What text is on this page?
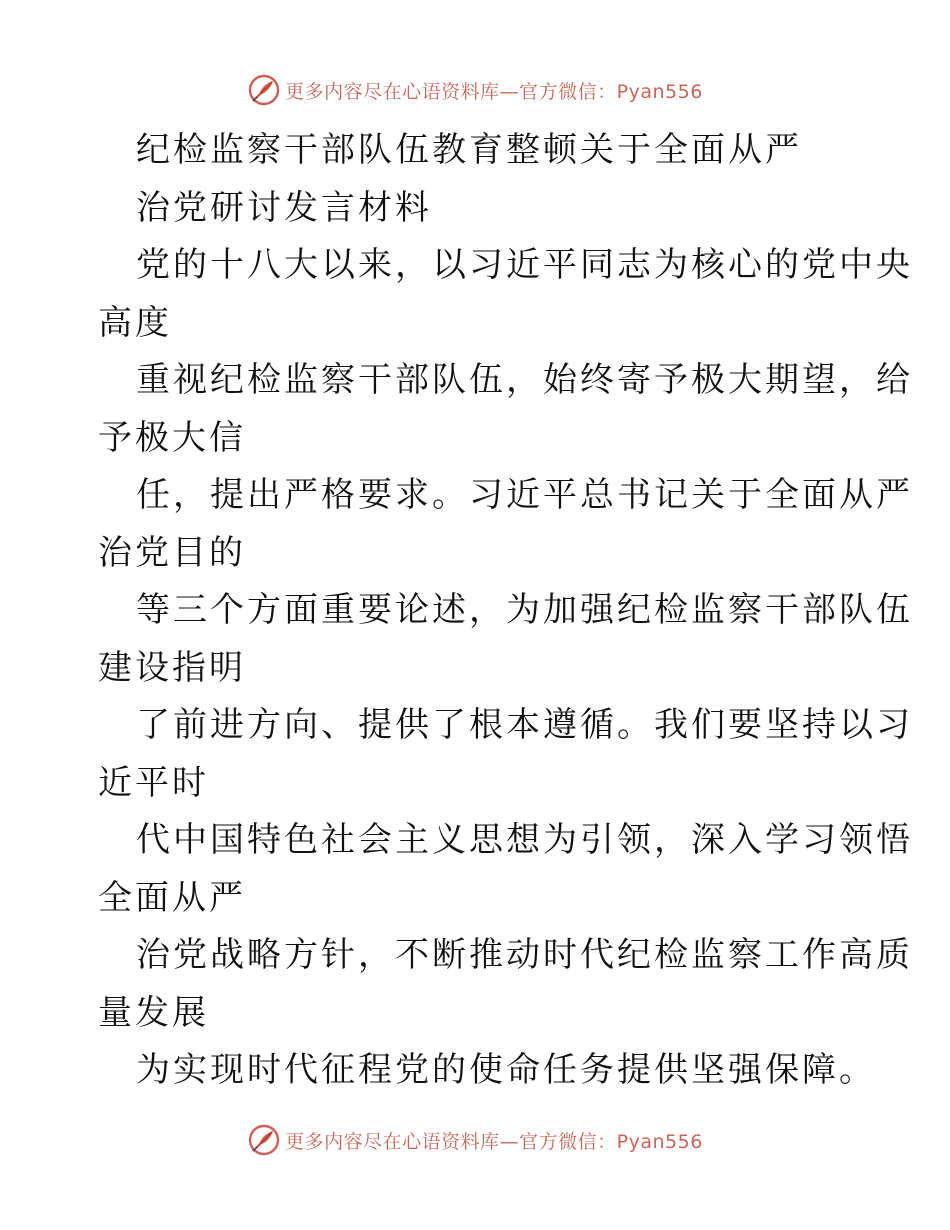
更多内容尽在心语资料库—官方微信：Pyan556
纪检监察干部队伍教育整顿关于全面从严
治党研讨发言材料
党的十八大以来，以习近平同志为核心的党中央
高度
重视纪检监察干部队伍，始终寄予极大期望，给
予极大信
任，提出严格要求。习近平总书记关于全面从严
治党目的
等三个方面重要论述，为加强纪检监察干部队伍
建设指明
了前进方向、提供了根本遵循。我们要坚持以习
近平时
代中国特色社会主义思想为引领，深入学习领悟
全面从严
治党战略方针，不断推动时代纪检监察工作高质
量发展
为实现时代征程党的使命任务提供坚强保障。
更多内容尽在心语资料库—官方微信：Pyan556
